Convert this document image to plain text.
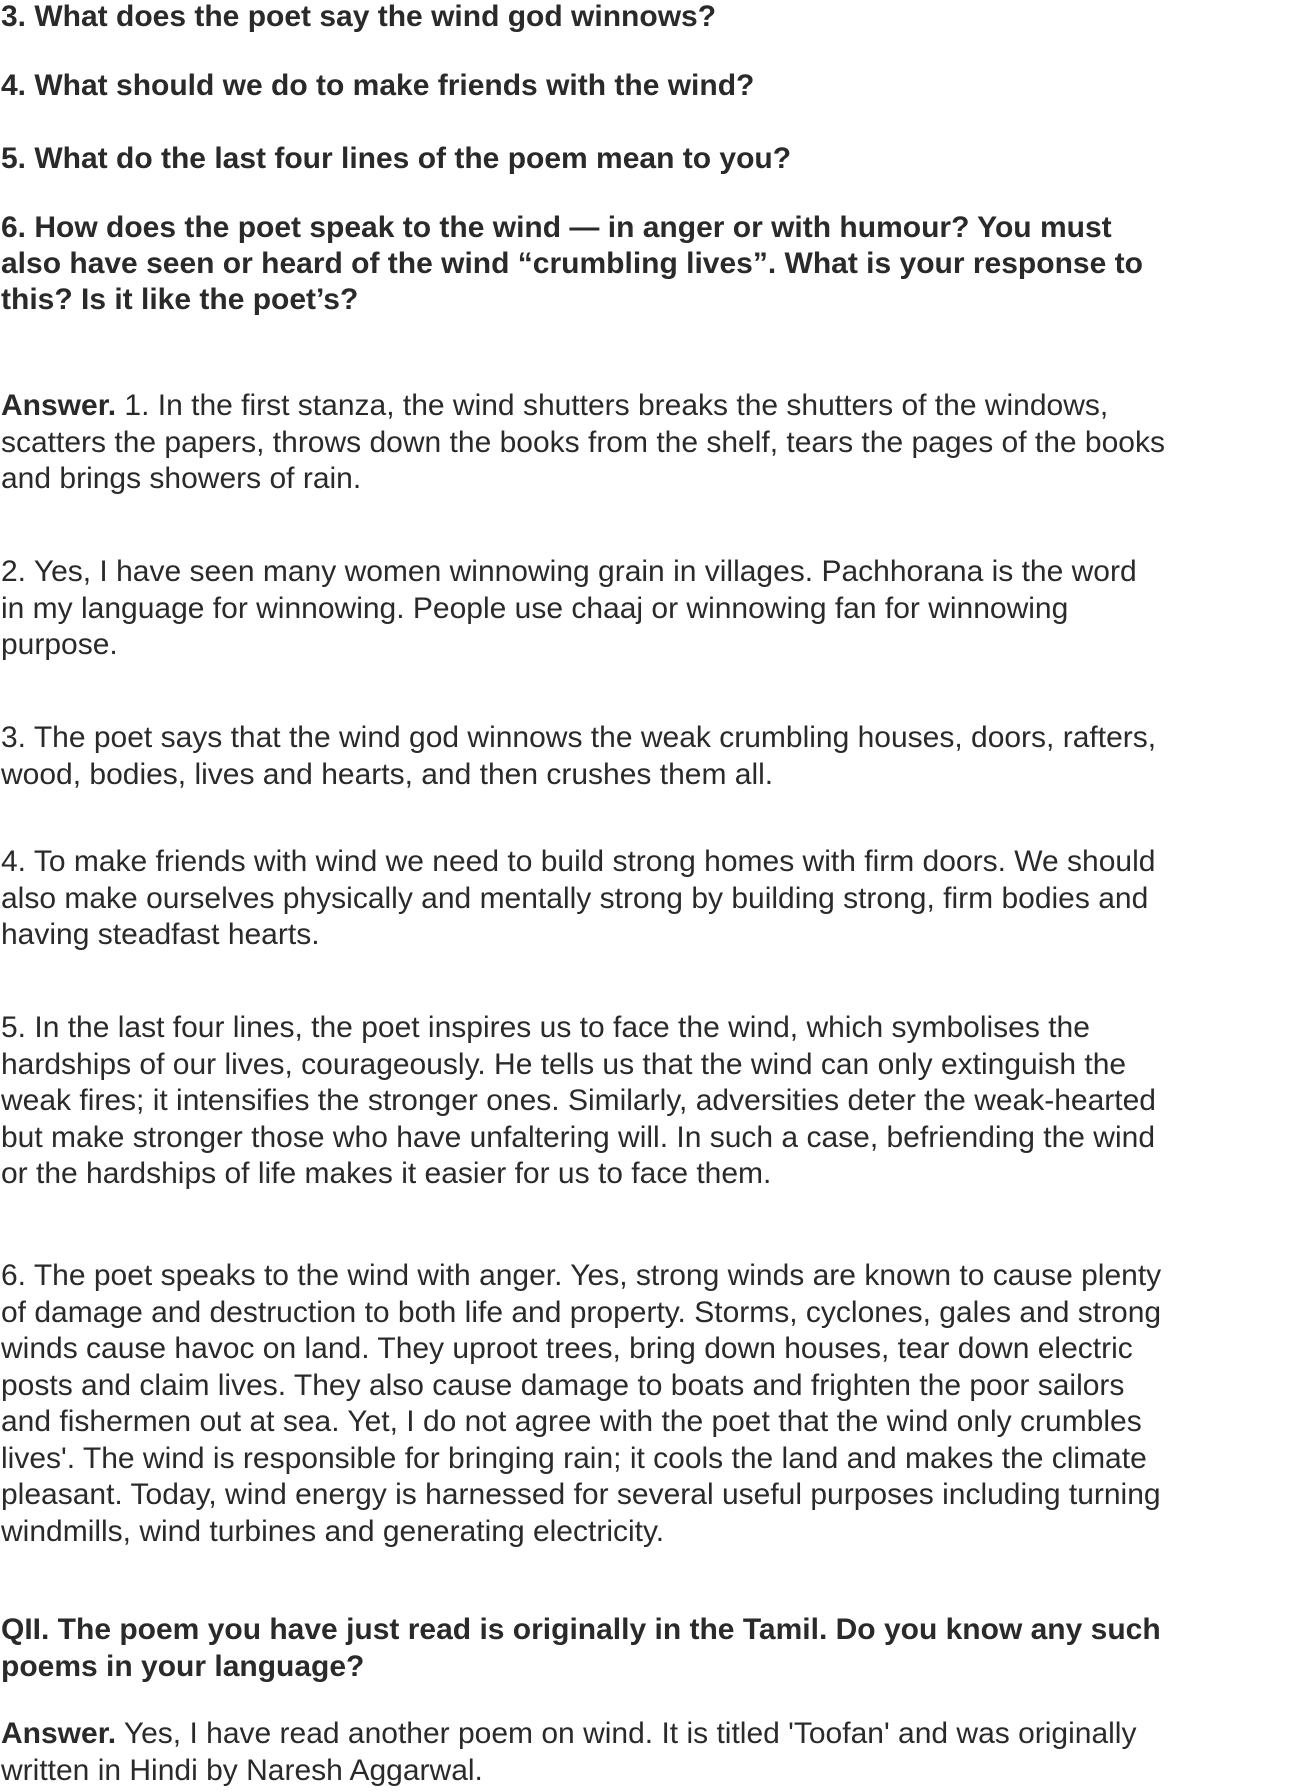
3. What does the poet say the wind god winnows?
4. What should we do to make friends with the wind?
5. What do the last four lines of the poem mean to you?
6. How does the poet speak to the wind — in anger or with humour? You must
also have seen or heard of the wind “crumbling lives”. What is your response to
this? Is it like the poet’s?
Answer. 1. In the first stanza, the wind shutters breaks the shutters of the windows,
scatters the papers, throws down the books from the shelf, tears the pages of the books
and brings showers of rain.
2. Yes, I have seen many women winnowing grain in villages. Pachhorana is the word
in my language for winnowing. People use chaaj or winnowing fan for winnowing
purpose.
3. The poet says that the wind god winnows the weak crumbling houses, doors, rafters,
wood, bodies, lives and hearts, and then crushes them all.
4. To make friends with wind we need to build strong homes with firm doors. We should
also make ourselves physically and mentally strong by building strong, firm bodies and
having steadfast hearts.
5. In the last four lines, the poet inspires us to face the wind, which symbolises the
hardships of our lives, courageously. He tells us that the wind can only extinguish the
weak fires; it intensifies the stronger ones. Similarly, adversities deter the weak-hearted
but make stronger those who have unfaltering will. In such a case, befriending the wind
or the hardships of life makes it easier for us to face them.
6. The poet speaks to the wind with anger. Yes, strong winds are known to cause plenty
of damage and destruction to both life and property. Storms, cyclones, gales and strong
winds cause havoc on land. They uproot trees, bring down houses, tear down electric
posts and claim lives. They also cause damage to boats and frighten the poor sailors
and fishermen out at sea. Yet, I do not agree with the poet that the wind only crumbles
lives'. The wind is responsible for bringing rain; it cools the land and makes the climate
pleasant. Today, wind energy is harnessed for several useful purposes including turning
windmills, wind turbines and generating electricity.
QII. The poem you have just read is originally in the Tamil. Do you know any such
poems in your language?
Answer. Yes, I have read another poem on wind. It is titled 'Toofan' and was originally
written in Hindi by Naresh Aggarwal.
